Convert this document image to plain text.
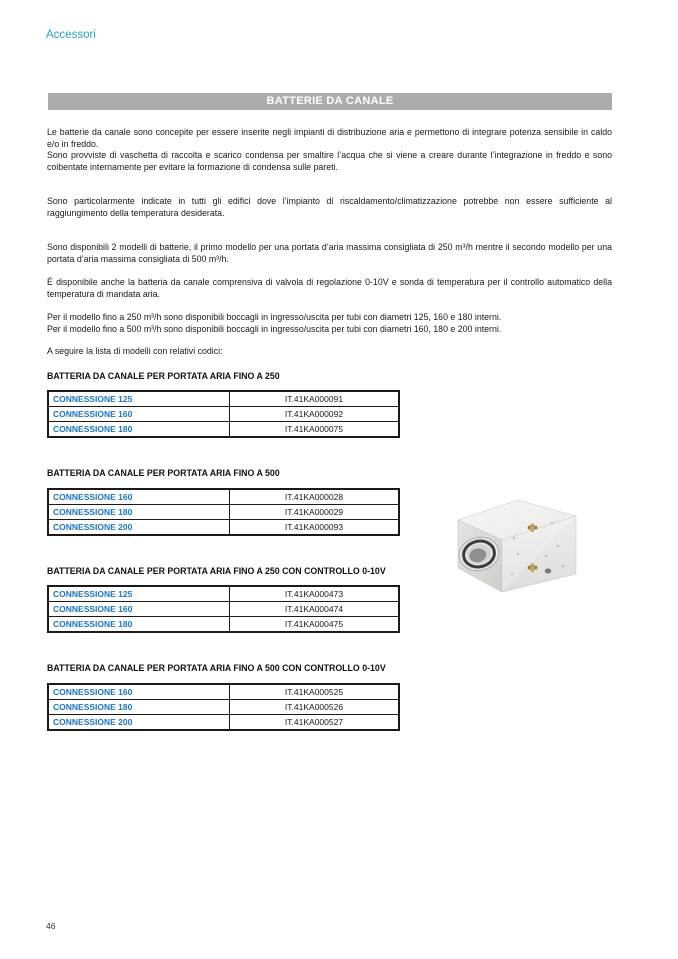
Accessori
BATTERIE DA CANALE

Le batterie da canale sono concepite per essere inserite negli impianti di distribuzione aria e permettono di integrare potenza sensibile in caldo e/o in freddo.

Sono provviste di vaschetta di raccolta e scarico condensa per smaltire l’acqua che si viene a creare durante l’integrazione in freddo e sono coibentate internamente per evitare la formazione di condensa sulle pareti.

Sono particolarmente indicate in tutti gli edifici dove l’impianto di riscaldamento/climatizzazione potrebbe non essere sufficiente al raggiungimento della temperatura desiderata.

Sono disponibili 2 modelli di batterie, il primo modello per una portata d’aria massima consigliata di 250 m³/h mentre il secondo modello per una portata d’aria massima consigliata di 500 m³/h.

È disponibile anche la batteria da canale comprensiva di valvola di regolazione 0-10V e sonda di temperatura per il controllo automatico della temperatura di mandata aria.

Per il modello fino a 250 m³/h sono disponibili boccagli in ingresso/uscita per tubi con diametri 125, 160 e 180 interni.

Per il modello fino a 500 m³/h sono disponibili boccagli in ingresso/uscita per tubi con diametri 160, 180 e 200 interni.

A seguire la lista di modelli con relativi codici:

BATTERIA DA CANALE PER PORTATA ARIA FINO A 250
CONNESSIONE 125	IT.41KA000091
CONNESSIONE 160	IT.41KA000092
CONNESSIONE 180	IT.41KA000075
BATTERIA DA CANALE PER PORTATA ARIA FINO A 500
CONNESSIONE 160	IT.41KA000028
CONNESSIONE 180	IT.41KA000029
CONNESSIONE 200	IT.41KA000093
BATTERIA DA CANALE PER PORTATA ARIA FINO A 250 CON CONTROLLO 0-10V
CONNESSIONE 125	IT.41KA000473
CONNESSIONE 160	IT.41KA000474
CONNESSIONE 180	IT.41KA000475
BATTERIA DA CANALE PER PORTATA ARIA FINO A 500 CON CONTROLLO 0-10V
CONNESSIONE 160	IT.41KA000525
CONNESSIONE 180	IT.41KA000526
CONNESSIONE 200	IT.41KA000527
46
